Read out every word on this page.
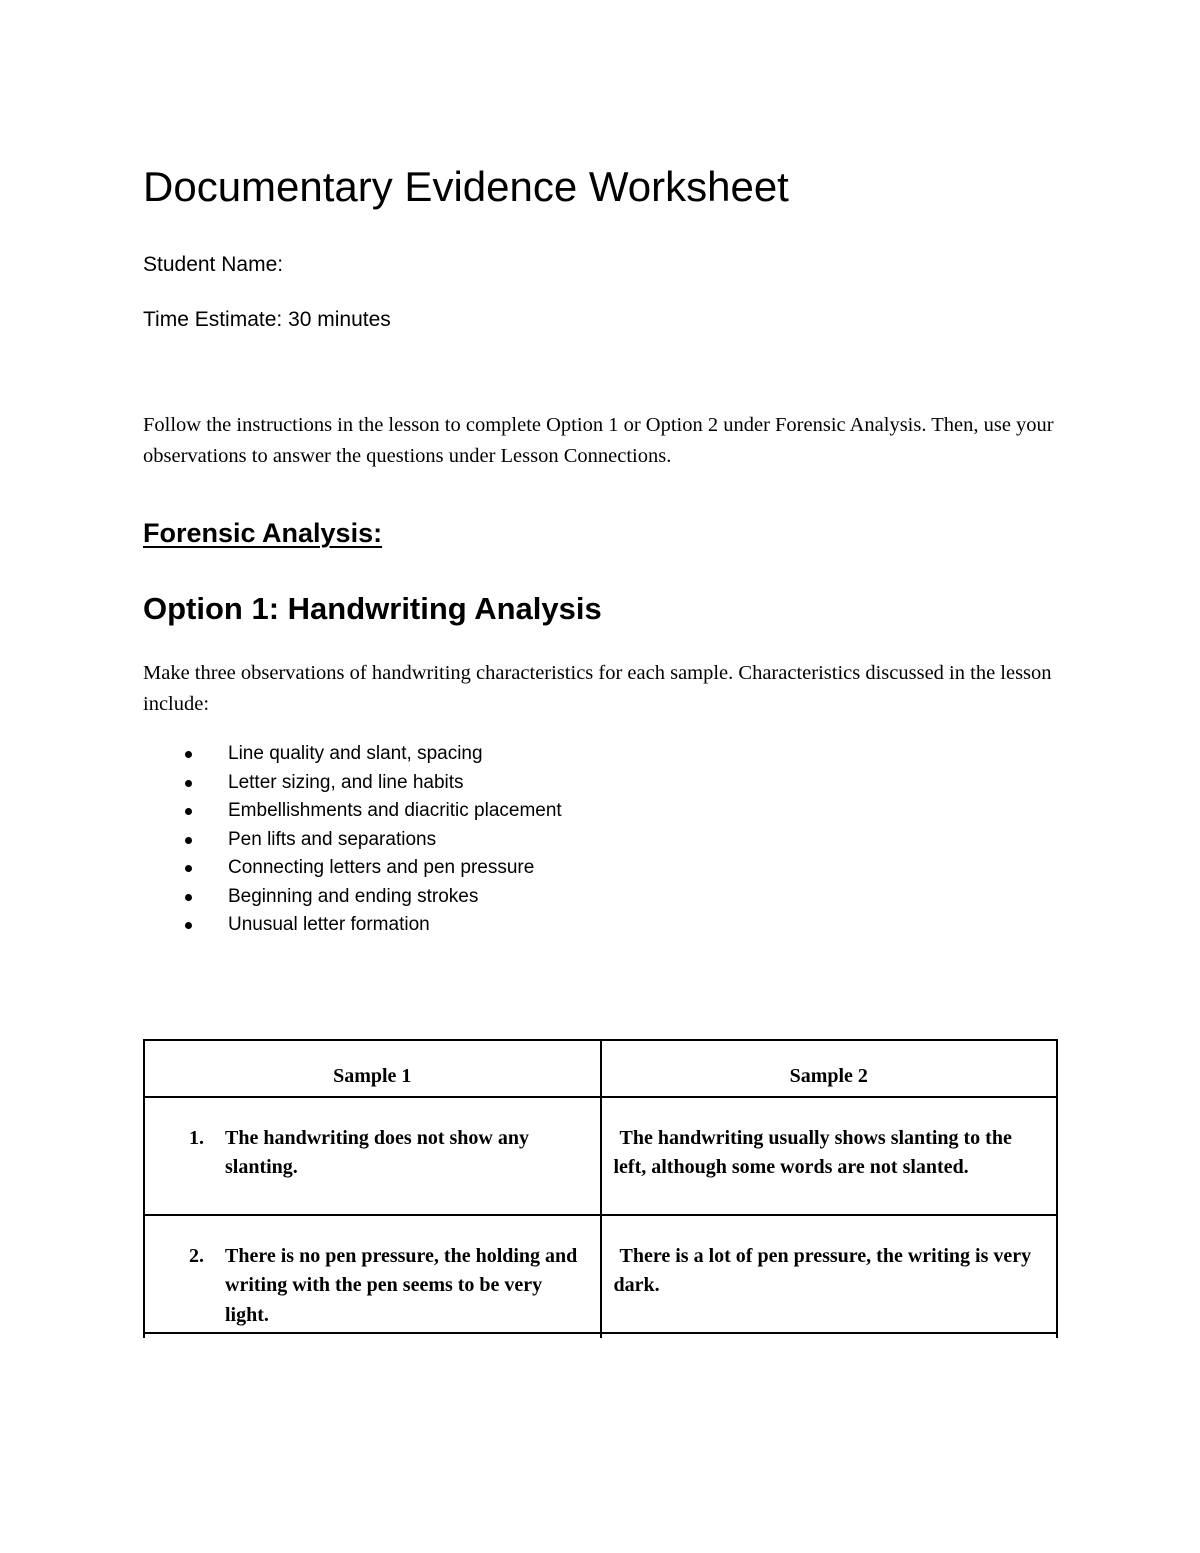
Documentary Evidence Worksheet

Student Name:

Time Estimate: 30 minutes

Follow the instructions in the lesson to complete Option 1 or Option 2 under Forensic Analysis. Then, use your observations to answer the questions under Lesson Connections.

Forensic Analysis:
Option 1: Handwriting Analysis

Make three observations of handwriting characteristics for each sample. Characteristics discussed in the lesson include:

Line quality and slant, spacing
Letter sizing, and line habits
Embellishments and diacritic placement
Pen lifts and separations
Connecting letters and pen pressure
Beginning and ending strokes
Unusual letter formation
Sample 1	Sample 2

1. The handwriting does not show any slanting.	The handwriting usually shows slanting to the left, although some words are not slanted.

2. There is no pen pressure, the holding and writing with the pen seems to be very light.	There is a lot of pen pressure, the writing is very dark.
